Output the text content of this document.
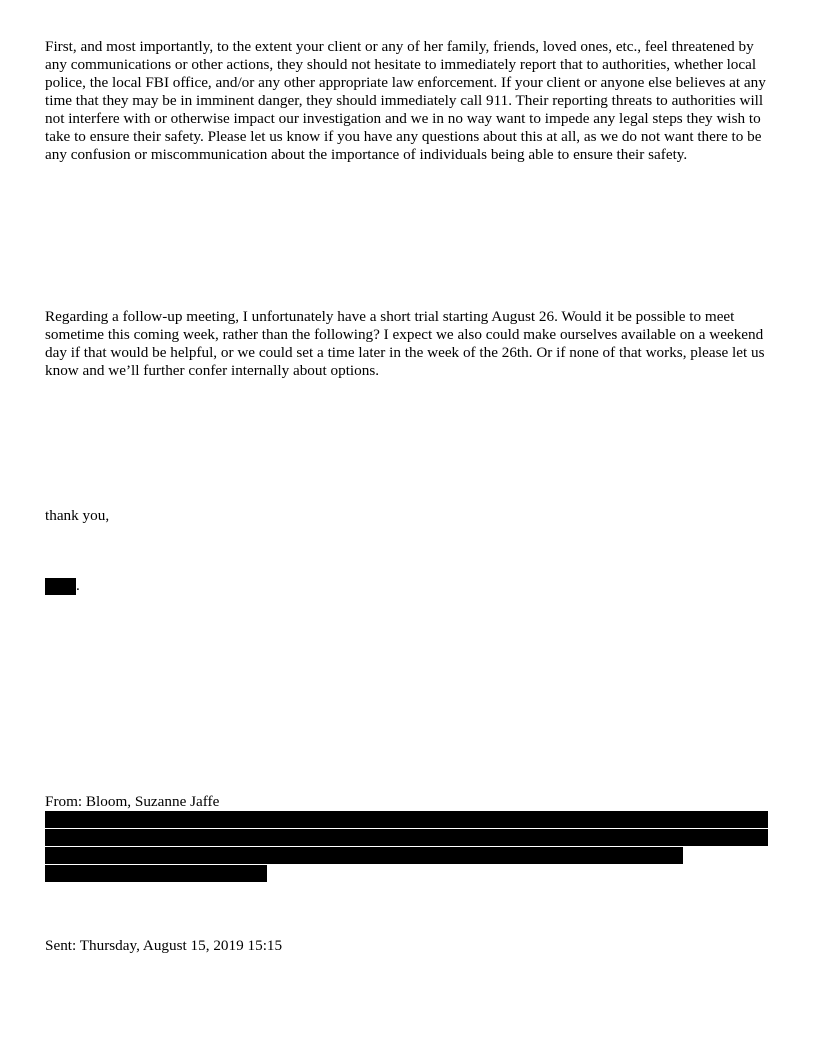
First, and most importantly, to the extent your client or any of her family, friends, loved ones, etc., feel threatened by any communications or other actions, they should not hesitate to immediately report that to authorities, whether local police, the local FBI office, and/or any other appropriate law enforcement. If your client or anyone else believes at any time that they may be in imminent danger, they should immediately call 911. Their reporting threats to authorities will not interfere with or otherwise impact our investigation and we in no way want to impede any legal steps they wish to take to ensure their safety. Please let us know if you have any questions about this at all, as we do not want there to be any confusion or miscommunication about the importance of individuals being able to ensure their safety.

Regarding a follow-up meeting, I unfortunately have a short trial starting August 26. Would it be possible to meet sometime this coming week, rather than the following? I expect we also could make ourselves available on a weekend day if that would be helpful, or we could set a time later in the week of the 26th. Or if none of that works, please let us know and we’ll further confer internally about options.

thank you,

.

From: Bloom, Suzanne Jaffe

Sent: Thursday, August 15, 2019 15:15
